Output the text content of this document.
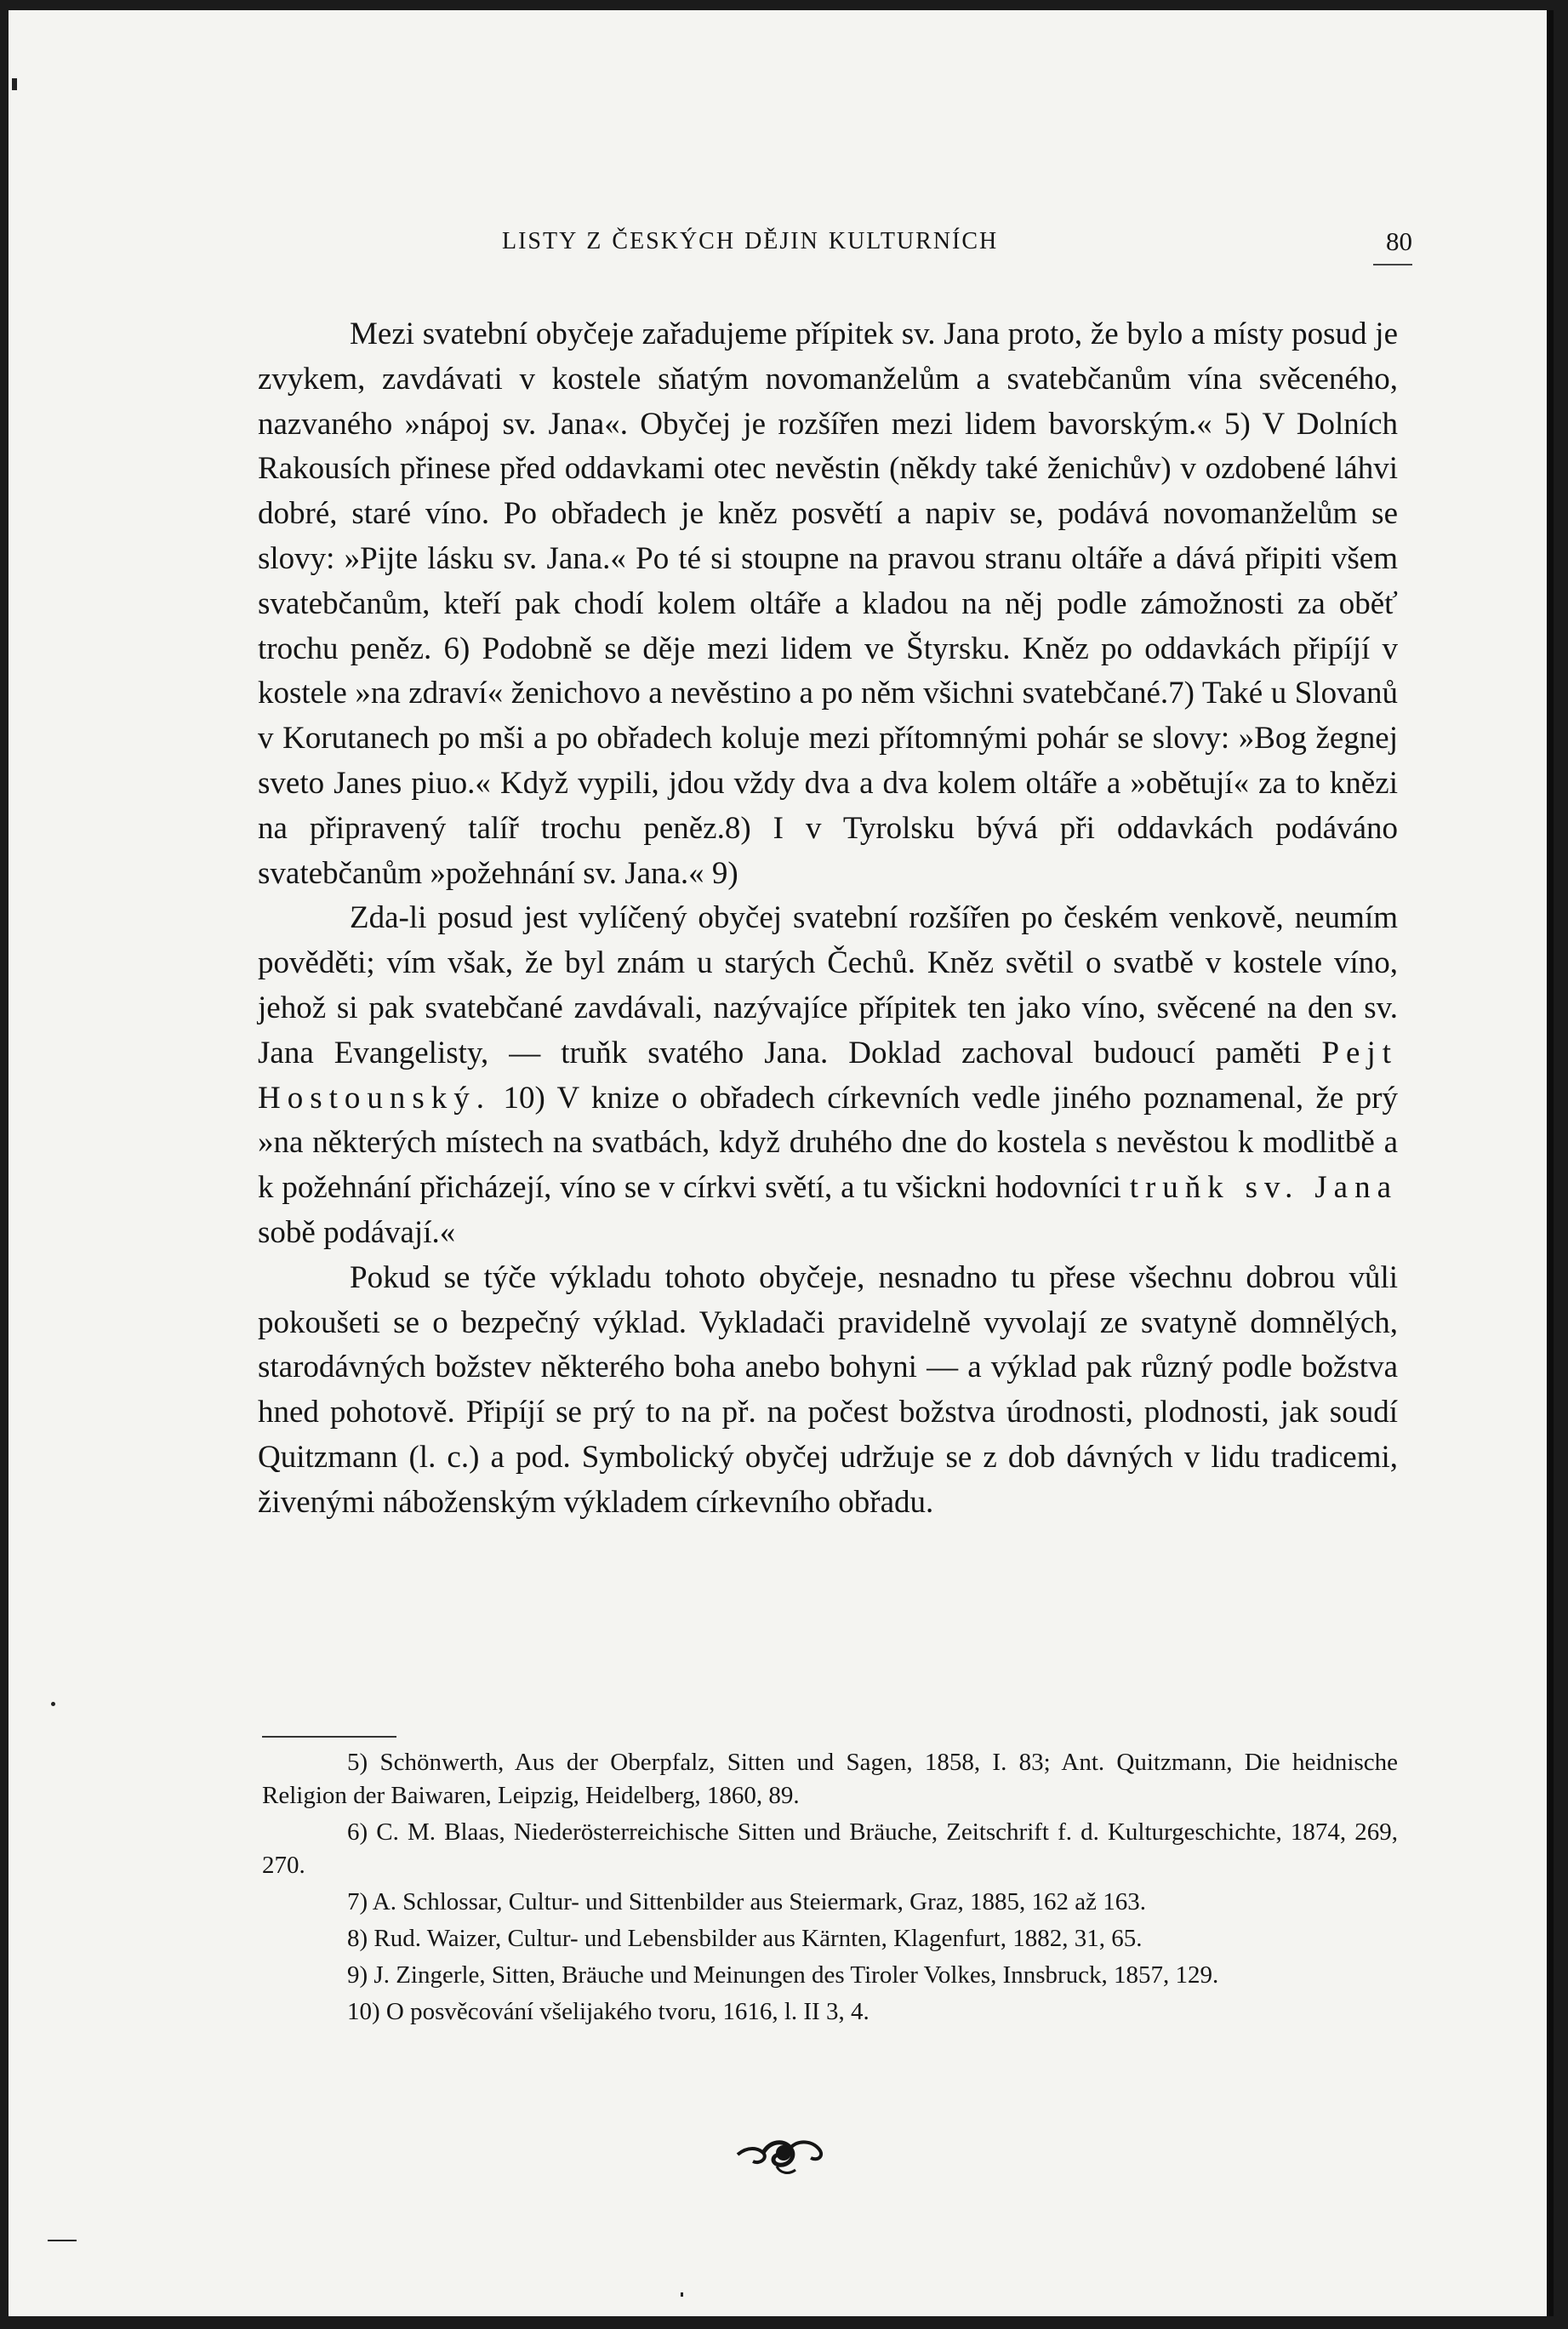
LISTY Z ČESKÝCH DĚJIN KULTURNÍCH	80

Mezi svatební obyčeje zařadujeme přípitek sv. Jana proto, že bylo a místy posud je zvykem, zavdávati v kostele sňatým novomanželům a svatebčanům vína svěceného, nazvaného »nápoj sv. Jana«. Obyčej je rozšířen mezi lidem bavorským.« 5) V Dolních Rakousích přinese před oddavkami otec nevěstin (někdy také ženichův) v ozdobené láhvi dobré, staré víno. Po obřadech je kněz posvětí a napiv se, podává novomanželům se slovy: »Pijte lásku sv. Jana.« Po té si stoupne na pravou stranu oltáře a dává připiti všem svatebčanům, kteří pak chodí kolem oltáře a kladou na něj podle zámožnosti za oběť trochu peněz. 6) Podobně se děje mezi lidem ve Štyrsku. Kněz po oddavkách připíjí v kostele »na zdraví« ženichovo a nevěstino a po něm všichni svatebčané.7) Také u Slovanů v Korutanech po mši a po obřadech koluje mezi přítomnými pohár se slovy: »Bog žegnej sveto Janes piuo.« Když vypili, jdou vždy dva a dva kolem oltáře a »obětují« za to knězi na připravený talíř trochu peněz.8) I v Tyrolsku bývá při oddavkách podáváno svatebčanům »požehnání sv. Jana.« 9)

Zda-li posud jest vylíčený obyčej svatební rozšířen po českém venkově, neumím pověděti; vím však, že byl znám u starých Čechů. Kněz světil o svatbě v kostele víno, jehož si pak svatebčané zavdávali, nazývajíce přípitek ten jako víno, svěcené na den sv. Jana Evangelisty, — truňk svatého Jana. Doklad zachoval budoucí paměti Pejt Hostounský. 10) V knize o obřadech církevních vedle jiného poznamenal, že prý »na některých místech na svatbách, když druhého dne do kostela s nevěstou k modlitbě a k požehnání přicházejí, víno se v církvi světí, a tu všickni hodovníci truňk sv. Jana sobě podávají.«

Pokud se týče výkladu tohoto obyčeje, nesnadno tu přese všechnu dobrou vůli pokoušeti se o bezpečný výklad. Vykladači pravidelně vyvolají ze svatyně domnělých, starodávných božstev některého boha anebo bohyni — a výklad pak různý podle božstva hned pohotově. Připíjí se prý to na př. na počest božstva úrodnosti, plodnosti, jak soudí Quitzmann (l. c.) a pod. Symbolický obyčej udržuje se z dob dávných v lidu tradicemi, živenými náboženským výkladem církevního obřadu.

5) Schönwerth, Aus der Oberpfalz, Sitten und Sagen, 1858, I. 83; Ant. Quitzmann, Die heidnische Religion der Baiwaren, Leipzig, Heidelberg, 1860, 89.

6) C. M. Blaas, Niederösterreichische Sitten und Bräuche, Zeitschrift f. d. Kulturgeschichte, 1874, 269, 270.

7) A. Schlossar, Cultur- und Sittenbilder aus Steiermark, Graz, 1885, 162 až 163.

8) Rud. Waizer, Cultur- und Lebensbilder aus Kärnten, Klagenfurt, 1882, 31, 65.

9) J. Zingerle, Sitten, Bräuche und Meinungen des Tiroler Volkes, Innsbruck, 1857, 129.

10) O posvěcování všelijakého tvoru, 1616, l. II 3, 4.
